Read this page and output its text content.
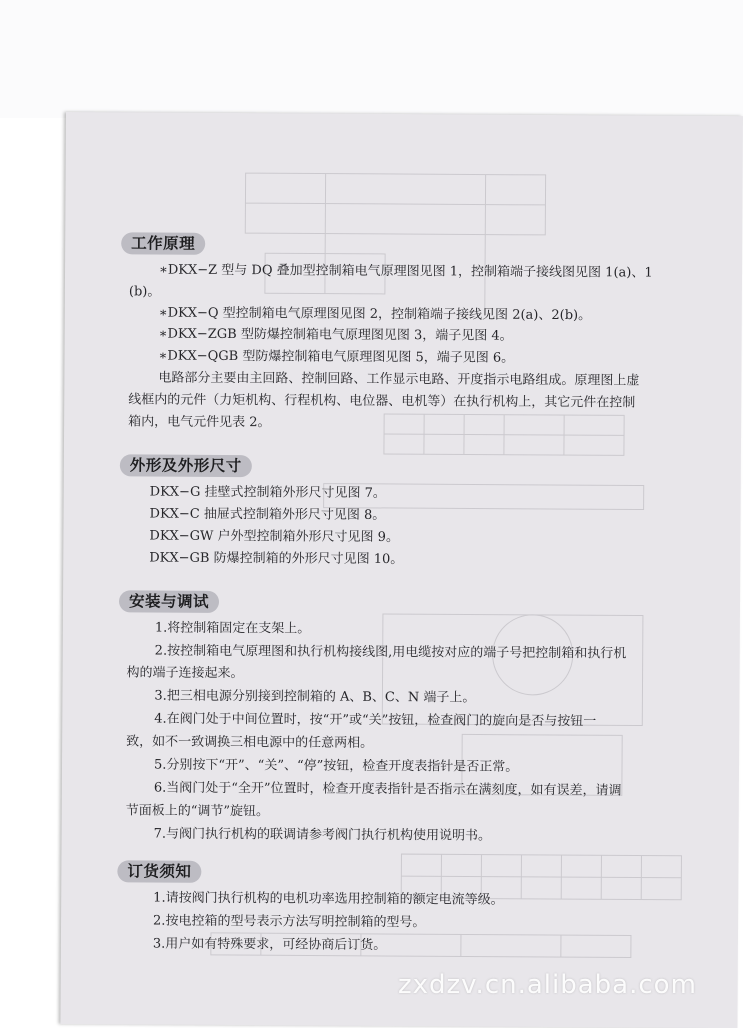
工作原理
∗DKX−Z 型与 DQ 叠加型控制箱电气原理图见图 1，控制箱端子接线图见图 1(a)、1
(b)。
∗DKX−Q 型控制箱电气原理图见图 2，控制箱端子接线见图 2(a)、2(b)。
∗DKX−ZGB 型防爆控制箱电气原理图见图 3，端子见图 4。
∗DKX−QGB 型防爆控制箱电气原理图见图 5，端子见图 6。
电路部分主要由主回路、控制回路、工作显示电路、开度指示电路组成。原理图上虚
线框内的元件（力矩机构、行程机构、电位器、电机等）在执行机构上，其它元件在控制
箱内，电气元件见表 2。
外形及外形尺寸
DKX−G 挂壁式控制箱外形尺寸见图 7。
DKX−C 抽屉式控制箱外形尺寸见图 8。
DKX−GW 户外型控制箱外形尺寸见图 9。
DKX−GB 防爆控制箱的外形尺寸见图 10。
安装与调试
1.将控制箱固定在支架上。
2.按控制箱电气原理图和执行机构接线图,用电缆按对应的端子号把控制箱和执行机
构的端子连接起来。
3.把三相电源分别接到控制箱的 A、B、C、N 端子上。
4.在阀门处于中间位置时，按“开”或“关”按钮，检查阀门的旋向是否与按钮一
致，如不一致调换三相电源中的任意两相。
5.分别按下“开”、“关”、“停”按钮，检查开度表指针是否正常。
6.当阀门处于“全开”位置时，检查开度表指针是否指示在满刻度，如有误差，请调
节面板上的“调节”旋钮。
7.与阀门执行机构的联调请参考阀门执行机构使用说明书。
订货须知
1.请按阀门执行机构的电机功率选用控制箱的额定电流等级。
2.按电控箱的型号表示方法写明控制箱的型号。
3.用户如有特殊要求，可经协商后订货。
zxdzv.cn.alibaba.com
